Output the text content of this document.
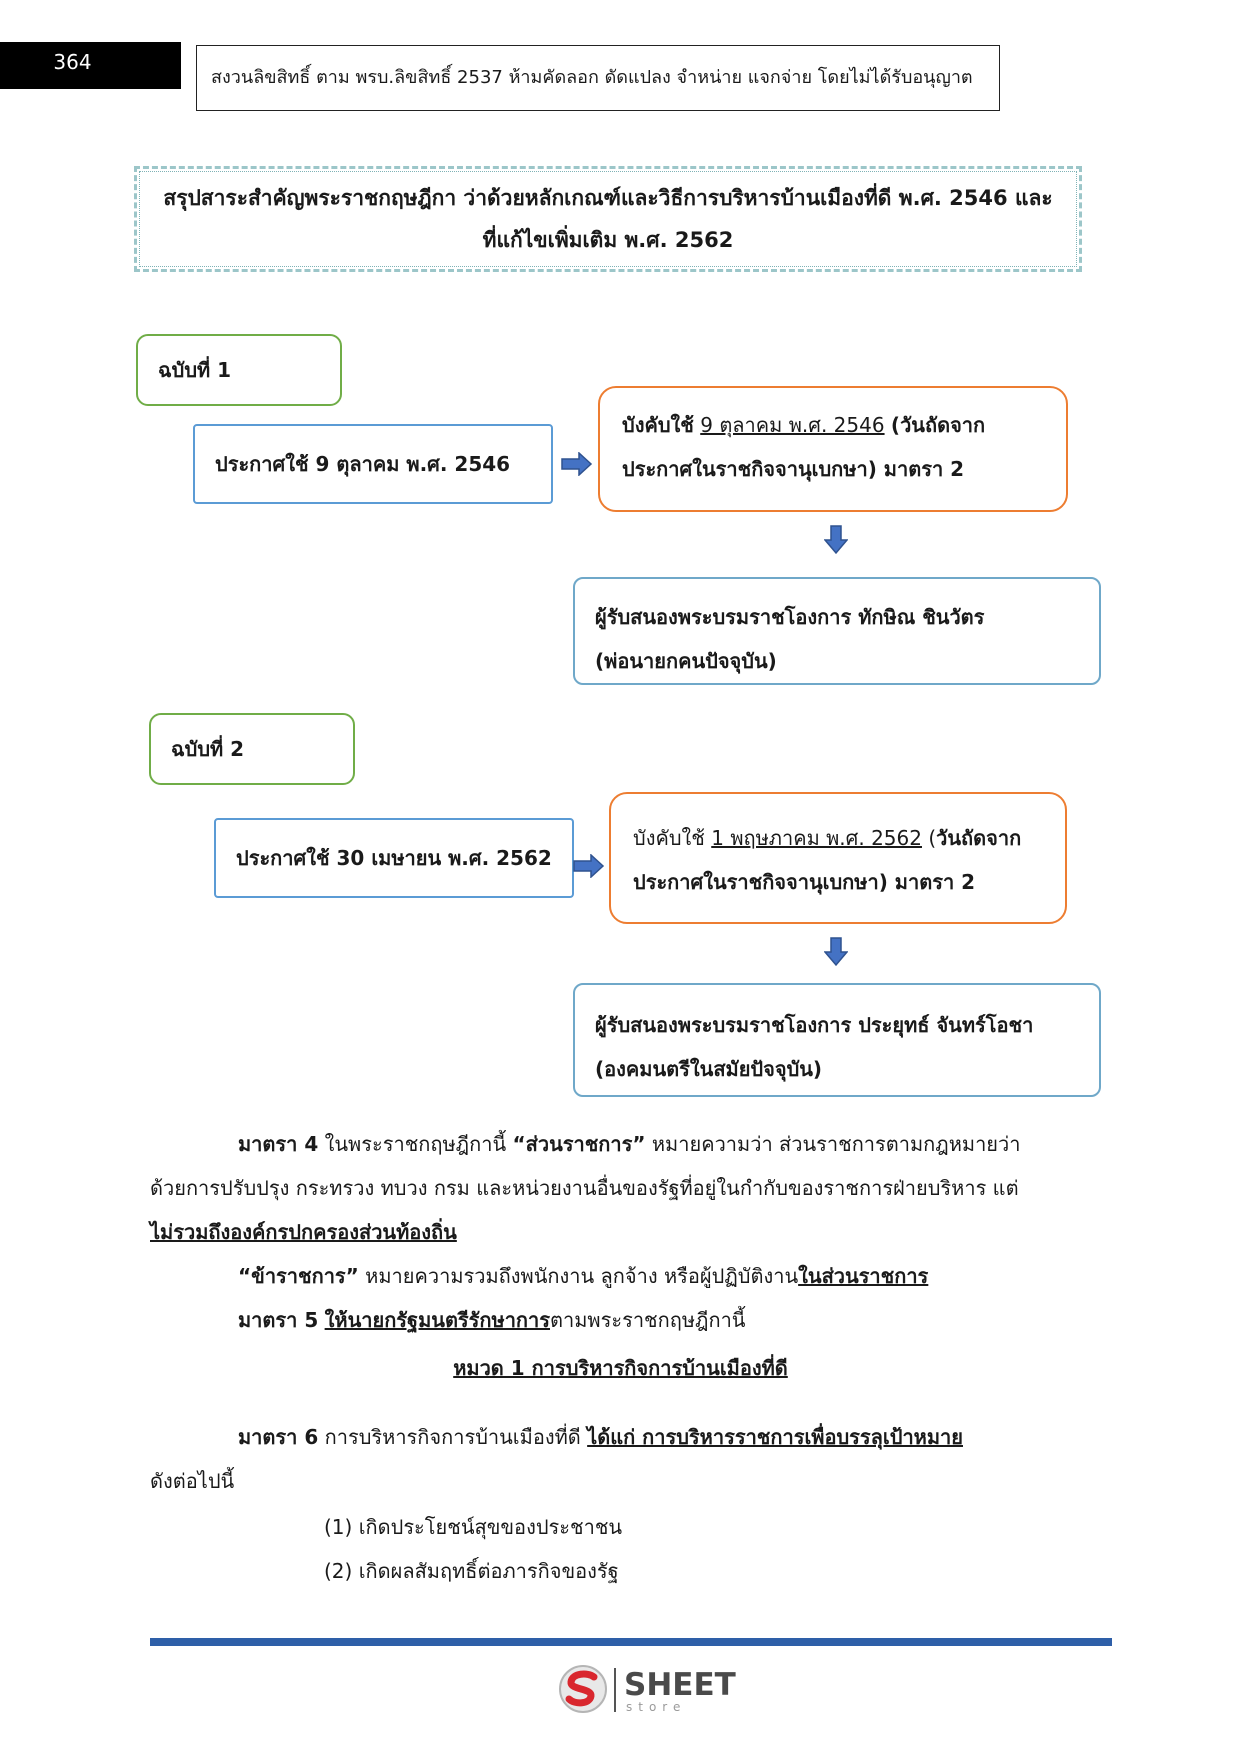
364
สงวนลิขสิทธิ์ ตาม พรบ.ลิขสิทธิ์ 2537 ห้ามคัดลอก ดัดแปลง จำหน่าย แจกจ่าย โดยไม่ได้รับอนุญาต
สรุปสาระสำคัญพระราชกฤษฎีกา ว่าด้วยหลักเกณฑ์และวิธีการบริหารบ้านเมืองที่ดี พ.ศ. 2546 และ
ที่แก้ไขเพิ่มเติม พ.ศ. 2562
ฉบับที่ 1
ประกาศใช้ 9 ตุลาคม พ.ศ. 2546
บังคับใช้ 9 ตุลาคม พ.ศ. 2546 (วันถัดจาก
ประกาศในราชกิจจานุเบกษา) มาตรา 2
ผู้รับสนองพระบรมราชโองการ ทักษิณ ชินวัตร
(พ่อนายกคนปัจจุบัน)
ฉบับที่ 2
ประกาศใช้ 30 เมษายน พ.ศ. 2562
บังคับใช้ 1 พฤษภาคม พ.ศ. 2562 (วันถัดจาก
ประกาศในราชกิจจานุเบกษา) มาตรา 2
ผู้รับสนองพระบรมราชโองการ ประยุทธ์ จันทร์โอชา
(องคมนตรีในสมัยปัจจุบัน)
มาตรา 4 ในพระราชกฤษฎีกานี้ “ส่วนราชการ” หมายความว่า ส่วนราชการตามกฎหมายว่า
ด้วยการปรับปรุง กระทรวง ทบวง กรม และหน่วยงานอื่นของรัฐที่อยู่ในกำกับของราชการฝ่ายบริหาร แต่
ไม่รวมถึงองค์กรปกครองส่วนท้องถิ่น
“ข้าราชการ” หมายความรวมถึงพนักงาน ลูกจ้าง หรือผู้ปฏิบัติงานในส่วนราชการ
มาตรา 5 ให้นายกรัฐมนตรีรักษาการตามพระราชกฤษฎีกานี้
หมวด 1 การบริหารกิจการบ้านเมืองที่ดี
มาตรา 6 การบริหารกิจการบ้านเมืองที่ดี ได้แก่ การบริหารราชการเพื่อบรรลุเป้าหมาย
ดังต่อไปนี้
(1) เกิดประโยชน์สุขของประชาชน
(2) เกิดผลสัมฤทธิ์ต่อภารกิจของรัฐ
SHEET
store
